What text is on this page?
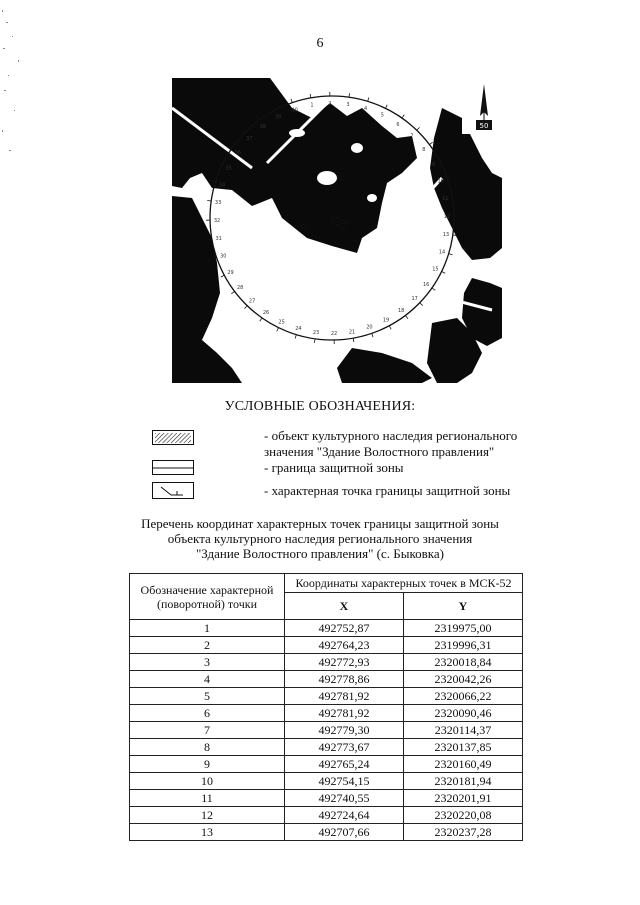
6
1	2	3
4
5
6
7
8
9
10
11
12
13
14
15
16
17
18
19
20
21
22
23
24
25
26
27
28
29
30
31
32
33
34
35
36
37
38
39
40
50
УСЛОВНЫЕ ОБОЗНАЧЕНИЯ:
- объект культурного наследия регионального значения "Здание Волостного правления"
- граница защитной зоны
- характерная точка границы защитной зоны
Перечень координат характерных точек границы защитной зоны
объекта культурного наследия регионального значения
"Здание Волостного правления" (с. Быковка)
Обозначение характерной (поворотной) точки	Координаты характерных точек в МСК-52	
	X	Y
1	492752,87	2319975,00
2	492764,23	2319996,31
3	492772,93	2320018,84
4	492778,86	2320042,26
5	492781,92	2320066,22
6	492781,92	2320090,46
7	492779,30	2320114,37
8	492773,67	2320137,85
9	492765,24	2320160,49
10	492754,15	2320181,94
11	492740,55	2320201,91
12	492724,64	2320220,08
13	492707,66	2320237,28
